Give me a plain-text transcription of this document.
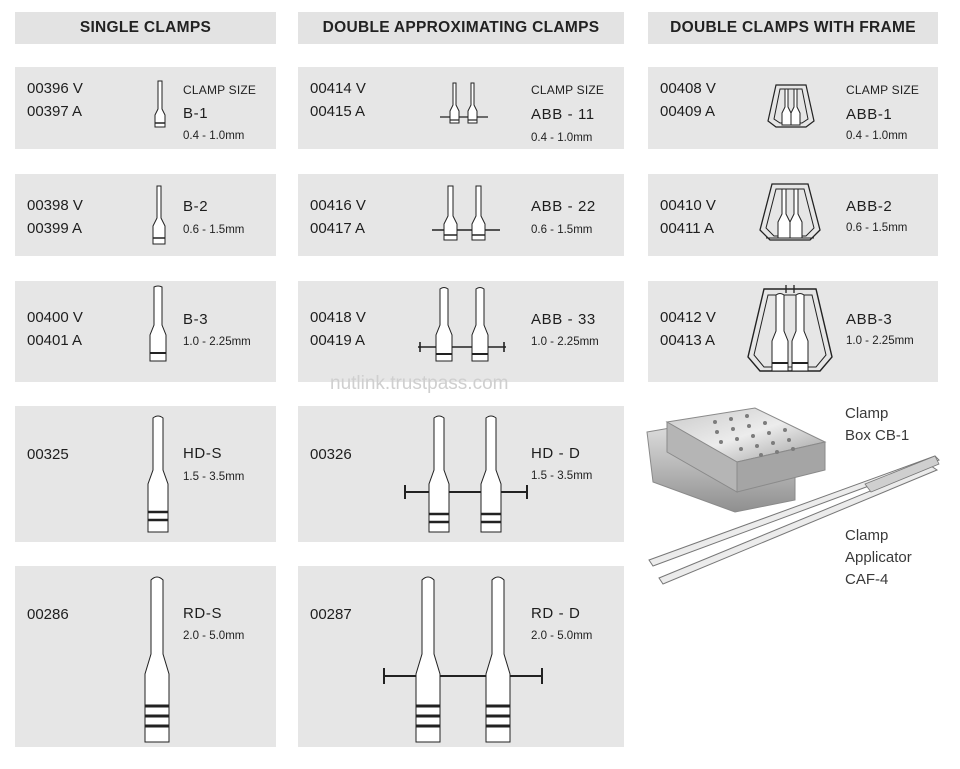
SINGLE CLAMPS	DOUBLE APPROXIMATING CLAMPS	DOUBLE CLAMPS WITH FRAME
00396 V
00397 A
CLAMP SIZE
B-1
0.4 - 1.0mm
00398 V
00399 A
B-2
0.6 - 1.5mm
00400 V
00401 A
B-3
1.0 - 2.25mm
00325	HD-S
1.5 - 3.5mm
00286	RD-S
2.0 - 5.0mm
00414 V
00415 A
CLAMP SIZE
ABB - 11
0.4 - 1.0mm
00416 V
00417 A
ABB - 22
0.6 - 1.5mm
00418 V
00419 A
ABB - 33
1.0 - 2.25mm
00326	HD - D
1.5 - 3.5mm
00287	RD - D
2.0 - 5.0mm
00408 V
00409 A
CLAMP SIZE
ABB-1
0.4 - 1.0mm
00410 V
00411 A
ABB-2
0.6 - 1.5mm
00412 V
00413 A
ABB-3
1.0 - 2.25mm
nutlink.trustpass.com
Clamp
Box CB-1
Clamp
Applicator
CAF-4
